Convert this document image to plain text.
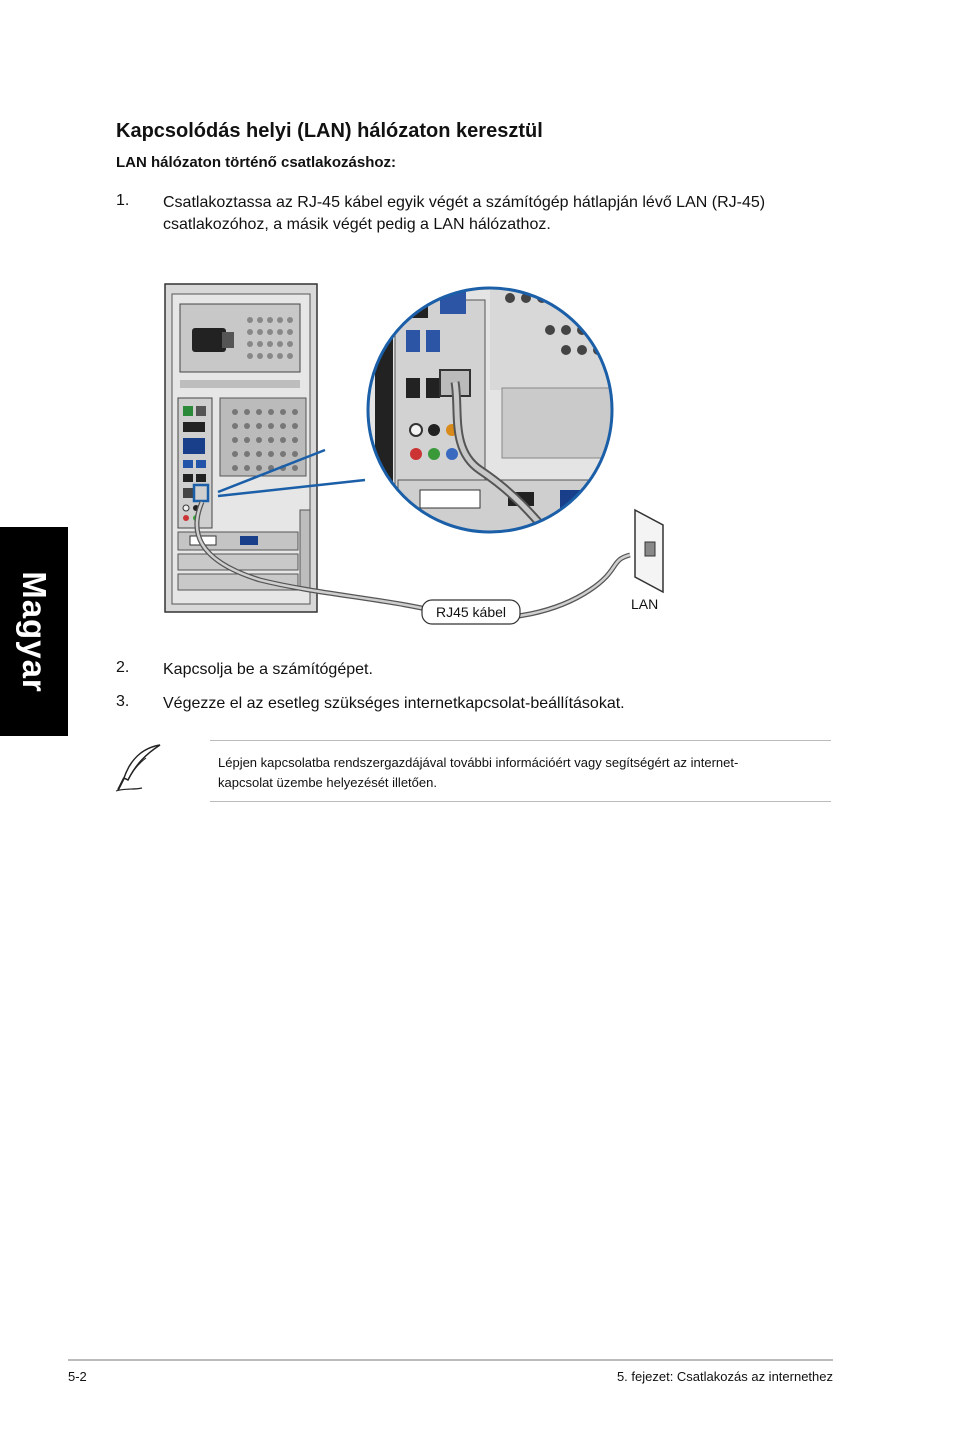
Magyar
Kapcsolódás helyi (LAN) hálózaton keresztül
LAN hálózaton történő csatlakozáshoz:
1. Csatlakoztassa az RJ-45 kábel egyik végét a számítógép hátlapján lévő LAN (RJ-45)
csatlakozóhoz, a másik végét pedig a LAN hálózathoz.
RJ45 kábel	LAN
2. Kapcsolja be a számítógépet.
3. Végezze el az esetleg szükséges internetkapcsolat-beállításokat.
Lépjen kapcsolatba rendszergazdájával további információért vagy segítségért az internet-
kapcsolat üzembe helyezését illetően.
5-2	5. fejezet: Csatlakozás az internethez
